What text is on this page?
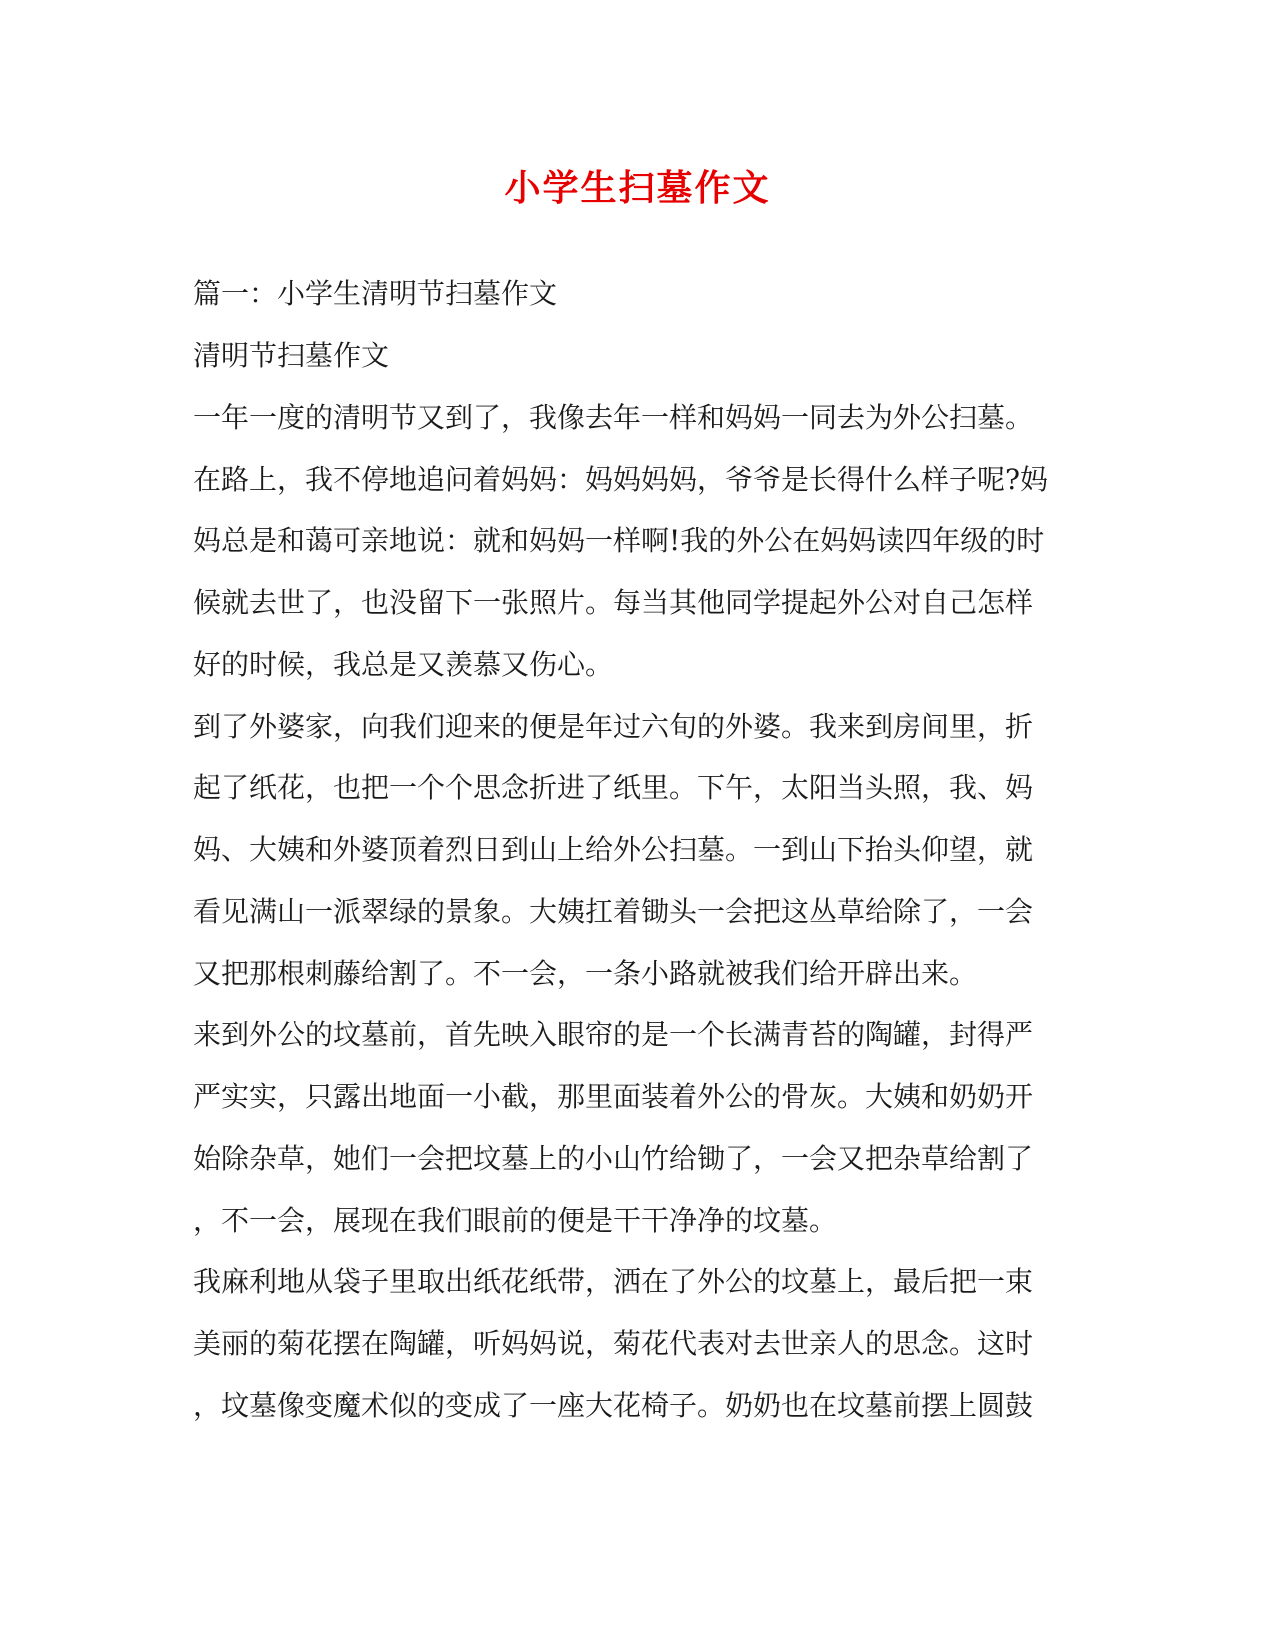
小学生扫墓作文
篇一：小学生清明节扫墓作文
清明节扫墓作文
一年一度的清明节又到了，我像去年一样和妈妈一同去为外公扫墓。
在路上，我不停地追问着妈妈：妈妈妈妈，爷爷是长得什么样子呢?妈
妈总是和蔼可亲地说：就和妈妈一样啊!我的外公在妈妈读四年级的时
候就去世了，也没留下一张照片。每当其他同学提起外公对自己怎样
好的时候，我总是又羡慕又伤心。
到了外婆家，向我们迎来的便是年过六旬的外婆。我来到房间里，折
起了纸花，也把一个个思念折进了纸里。下午，太阳当头照，我、妈
妈、大姨和外婆顶着烈日到山上给外公扫墓。一到山下抬头仰望，就
看见满山一派翠绿的景象。大姨扛着锄头一会把这丛草给除了，一会
又把那根刺藤给割了。不一会，一条小路就被我们给开辟出来。
来到外公的坟墓前，首先映入眼帘的是一个长满青苔的陶罐，封得严
严实实，只露出地面一小截，那里面装着外公的骨灰。大姨和奶奶开
始除杂草，她们一会把坟墓上的小山竹给锄了，一会又把杂草给割了
，不一会，展现在我们眼前的便是干干净净的坟墓。
我麻利地从袋子里取出纸花纸带，洒在了外公的坟墓上，最后把一束
美丽的菊花摆在陶罐，听妈妈说，菊花代表对去世亲人的思念。这时
，坟墓像变魔术似的变成了一座大花椅子。奶奶也在坟墓前摆上圆鼓
